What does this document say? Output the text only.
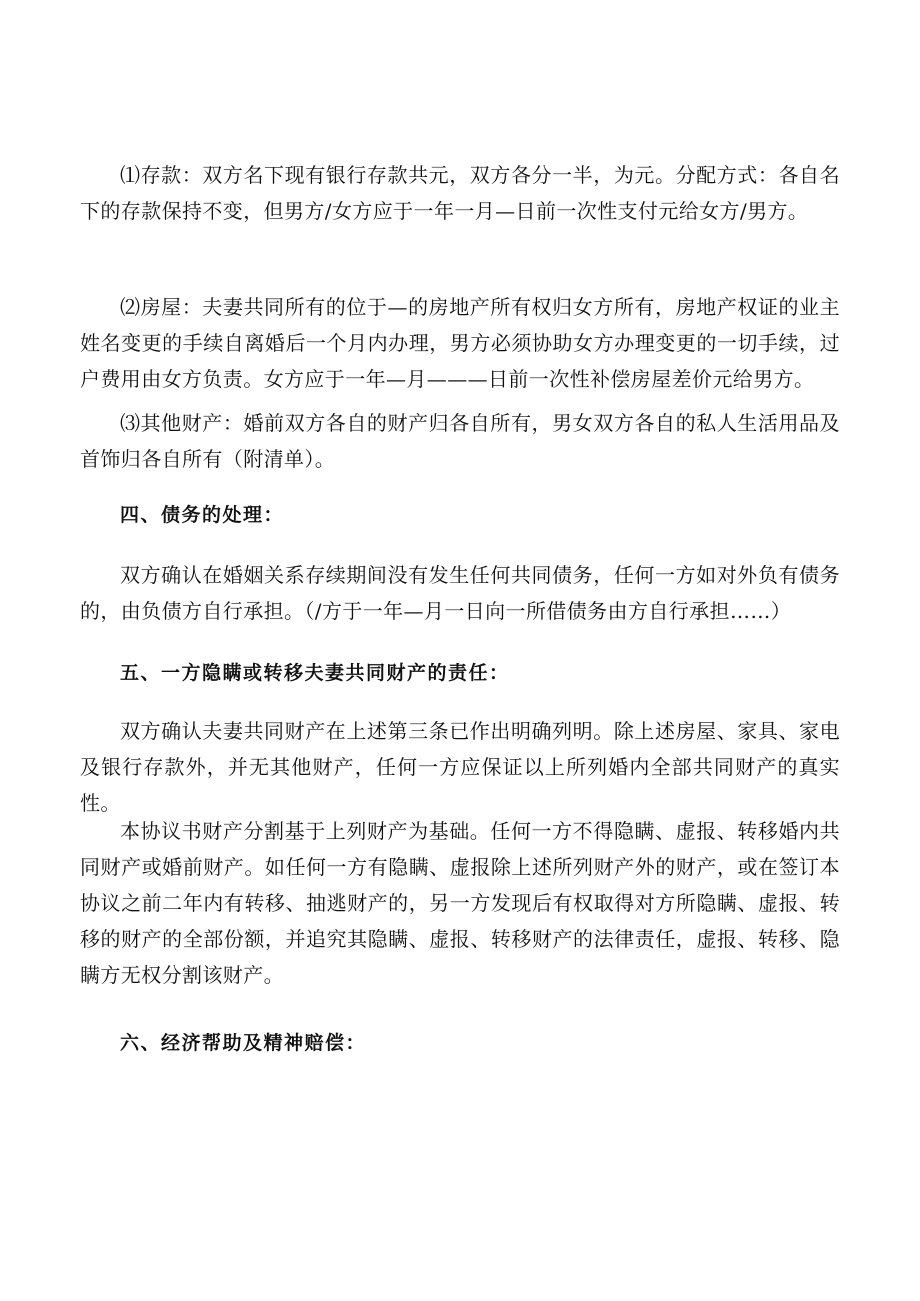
⑴存款：双方名下现有银行存款共元，双方各分一半，为元。分配方式：各自名下的存款保持不变，但男方/女方应于一年一月—日前一次性支付元给女方/男方。

⑵房屋：夫妻共同所有的位于—的房地产所有权归女方所有，房地产权证的业主姓名变更的手续自离婚后一个月内办理，男方必须协助女方办理变更的一切手续，过户费用由女方负责。女方应于一年—月———日前一次性补偿房屋差价元给男方。

⑶其他财产：婚前双方各自的财产归各自所有，男女双方各自的私人生活用品及首饰归各自所有（附清单）。

四、债务的处理：

双方确认在婚姻关系存续期间没有发生任何共同债务，任何一方如对外负有债务的，由负债方自行承担。（/方于一年—月一日向一所借债务由方自行承担……）

五、一方隐瞒或转移夫妻共同财产的责任：

双方确认夫妻共同财产在上述第三条已作出明确列明。除上述房屋、家具、家电及银行存款外，并无其他财产，任何一方应保证以上所列婚内全部共同财产的真实性。

本协议书财产分割基于上列财产为基础。任何一方不得隐瞒、虚报、转移婚内共同财产或婚前财产。如任何一方有隐瞒、虚报除上述所列财产外的财产，或在签订本协议之前二年内有转移、抽逃财产的，另一方发现后有权取得对方所隐瞒、虚报、转移的财产的全部份额，并追究其隐瞒、虚报、转移财产的法律责任，虚报、转移、隐瞒方无权分割该财产。

六、经济帮助及精神赔偿：
